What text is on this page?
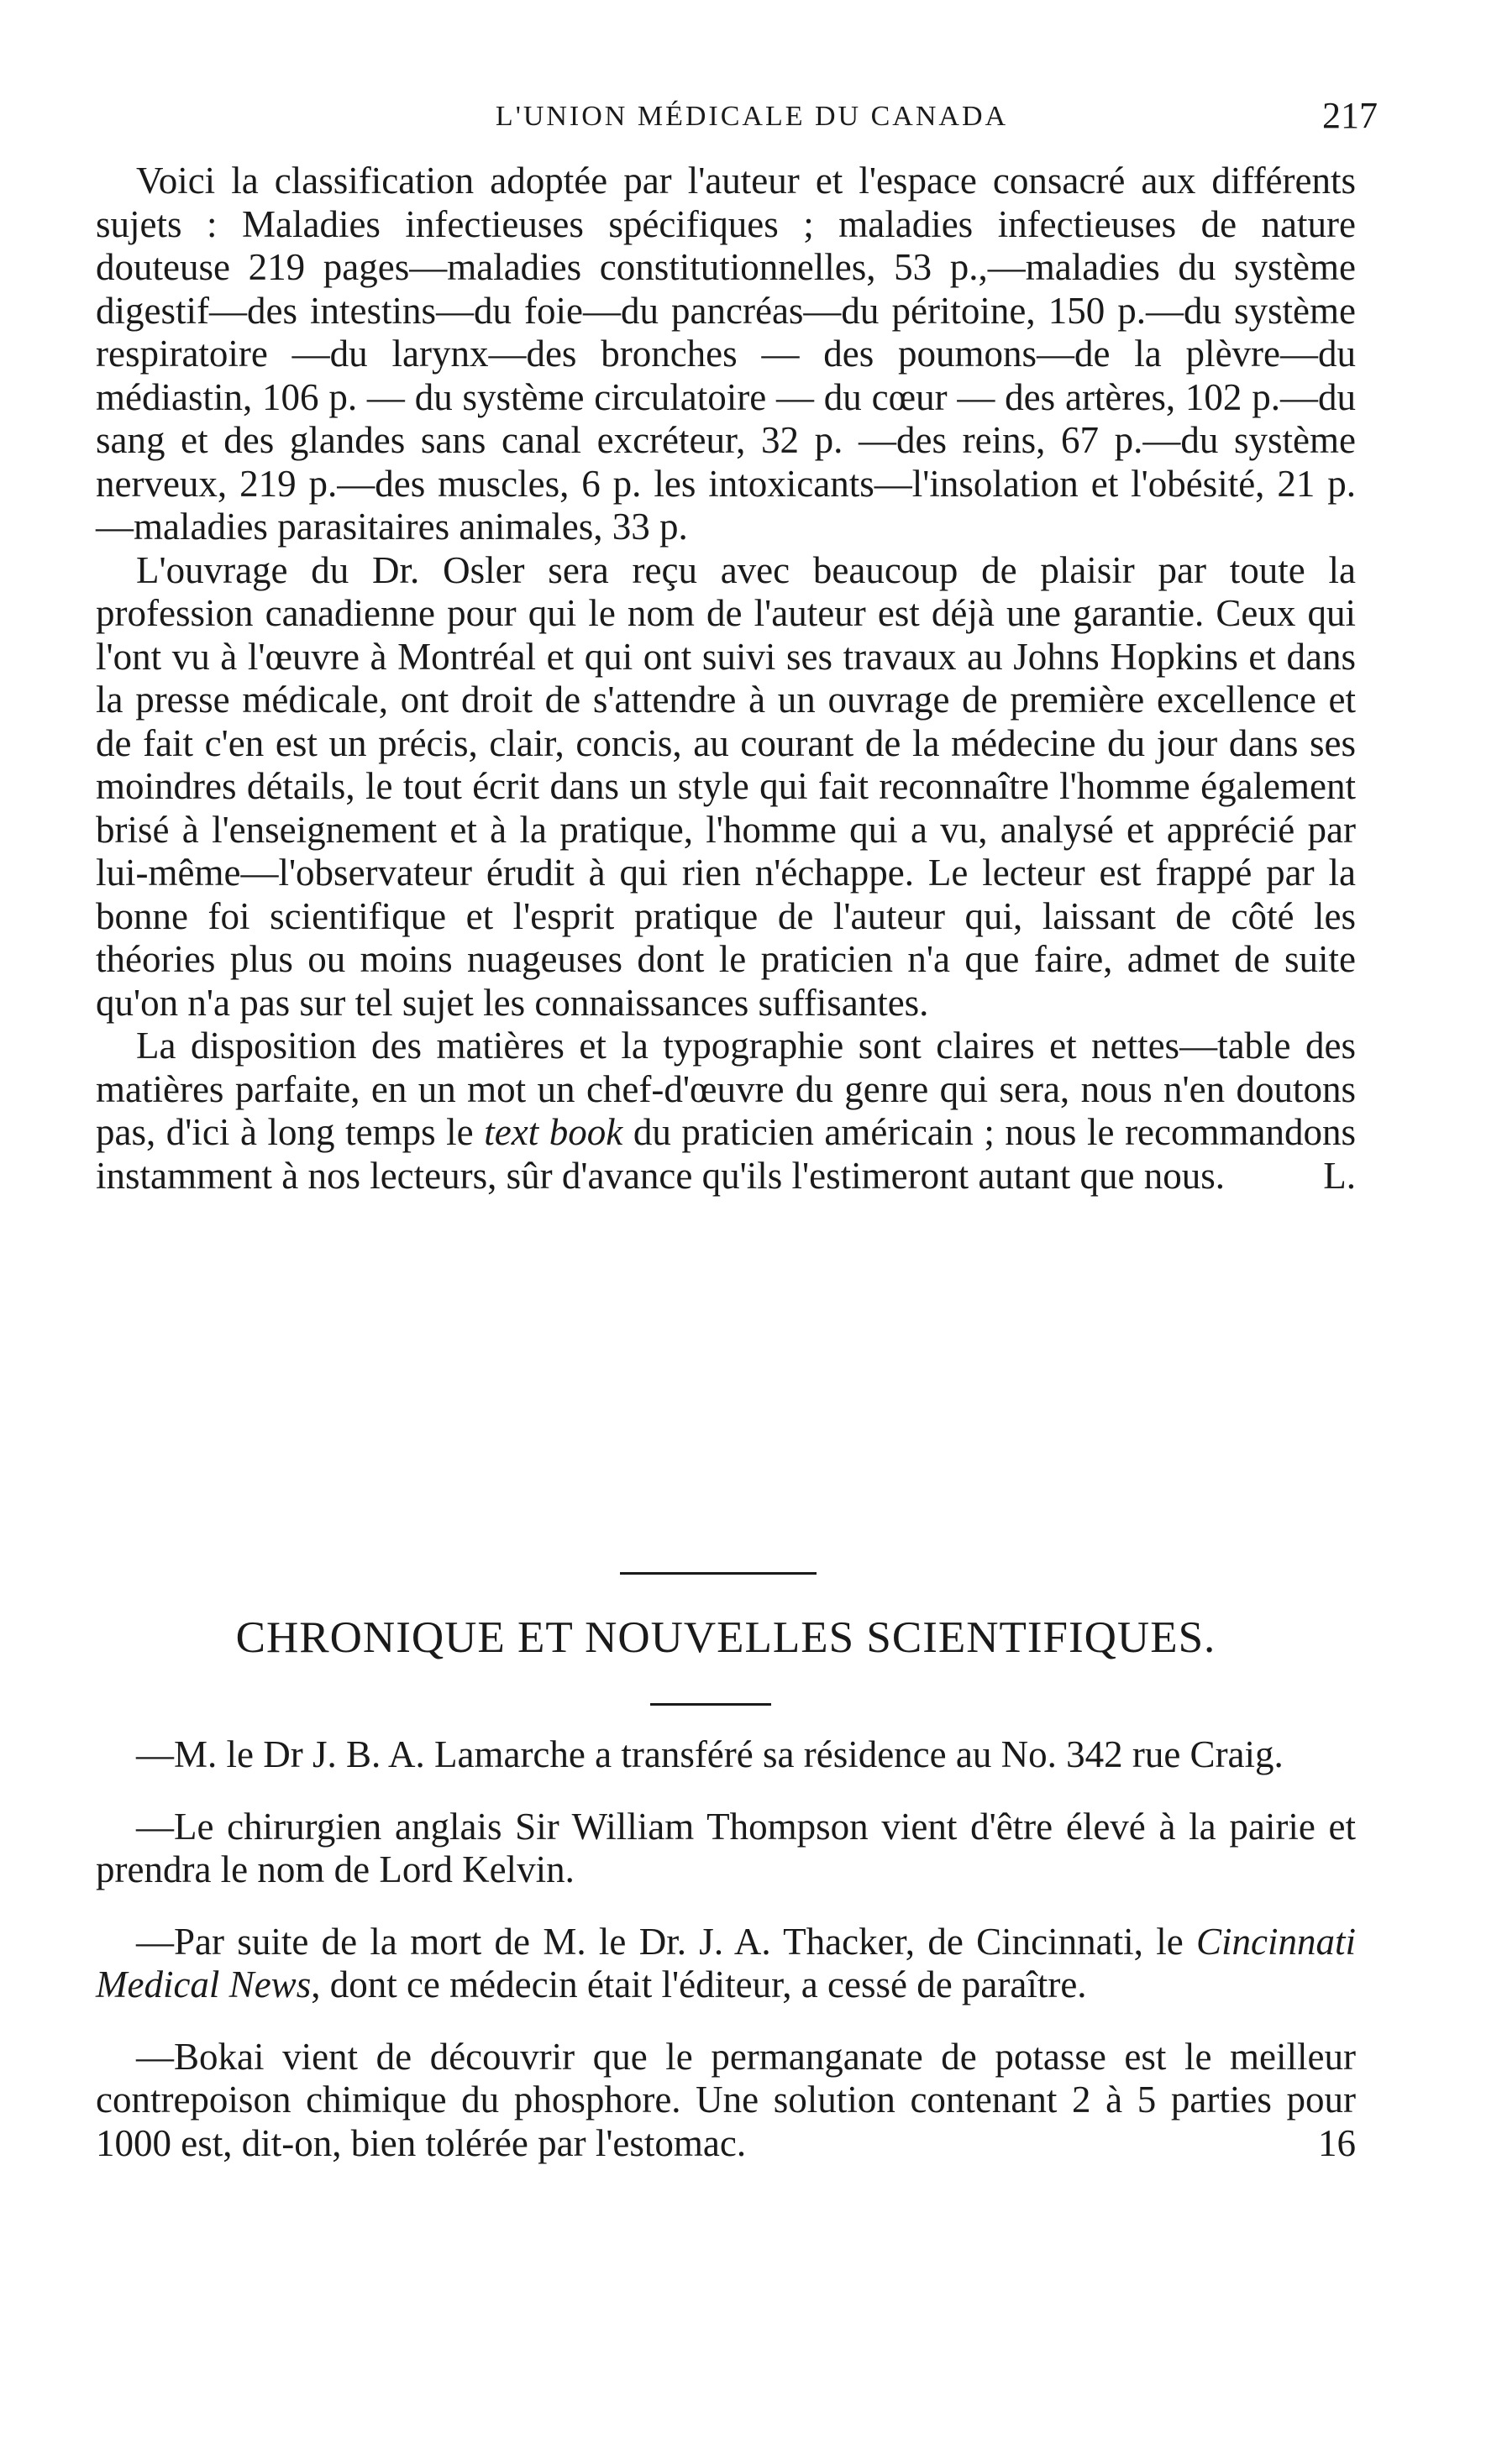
L'UNION MÉDICALE DU CANADA	217

Voici la classification adoptée par l'auteur et l'espace consacré aux différents sujets : Maladies infectieuses spécifiques ; maladies infectieuses de nature douteuse 219 pages—maladies constitutionnelles, 53 p.,—maladies du système digestif—des intestins—du foie—du pancréas—du péritoine, 150 p.—du système respiratoire —du larynx—des bronches — des poumons—de la plèvre—du médiastin, 106 p. — du système circulatoire — du cœur — des artères, 102 p.—du sang et des glandes sans canal excréteur, 32 p. —des reins, 67 p.—du système nerveux, 219 p.—des muscles, 6 p. les intoxicants—l'insolation et l'obésité, 21 p.—maladies parasitaires animales, 33 p.

L'ouvrage du Dr. Osler sera reçu avec beaucoup de plaisir par toute la profession canadienne pour qui le nom de l'auteur est déjà une garantie. Ceux qui l'ont vu à l'œuvre à Montréal et qui ont suivi ses travaux au Johns Hopkins et dans la presse médicale, ont droit de s'attendre à un ouvrage de première excellence et de fait c'en est un précis, clair, concis, au courant de la médecine du jour dans ses moindres détails, le tout écrit dans un style qui fait reconnaître l'homme également brisé à l'enseignement et à la pratique, l'homme qui a vu, analysé et apprécié par lui-même—l'observateur érudit à qui rien n'échappe. Le lecteur est frappé par la bonne foi scientifique et l'esprit pratique de l'auteur qui, laissant de côté les théories plus ou moins nuageuses dont le praticien n'a que faire, admet de suite qu'on n'a pas sur tel sujet les connaissances suffisantes.

La disposition des matières et la typographie sont claires et nettes—table des matières parfaite, en un mot un chef-d'œuvre du genre qui sera, nous n'en doutons pas, d'ici à long temps le text book du praticien américain ; nous le recommandons instamment à nos lecteurs, sûr d'avance qu'ils l'estimeront autant que nous.	L.

CHRONIQUE ET NOUVELLES SCIENTIFIQUES.

—M. le Dr J. B. A. Lamarche a transféré sa résidence au No. 342 rue Craig.

—Le chirurgien anglais Sir William Thompson vient d'être élevé à la pairie et prendra le nom de Lord Kelvin.

—Par suite de la mort de M. le Dr. J. A. Thacker, de Cincinnati, le Cincinnati Medical News, dont ce médecin était l'éditeur, a cessé de paraître.

—Bokai vient de découvrir que le permanganate de potasse est le meilleur contrepoison chimique du phosphore. Une solution contenant 2 à 5 parties pour 1000 est, dit-on, bien tolérée par l'estomac.	16
